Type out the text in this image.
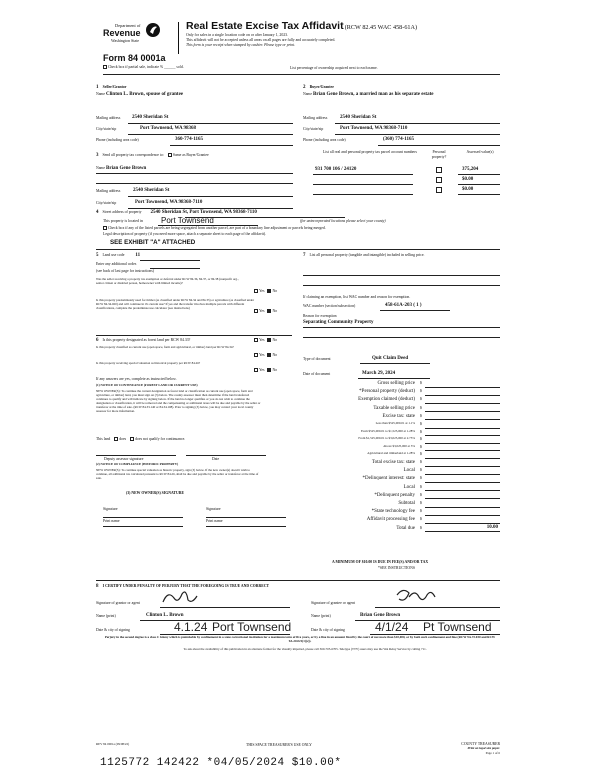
Department of
Revenue
Washington State
Real Estate Excise Tax Affidavit (RCW 82.45 WAC 458-61A)
Only for sales in a single location code on or after January 1, 2023.
This affidavit will not be accepted unless all areas on all pages are fully and accurately completed.
This form is your receipt when stamped by cashier. Please type or print.
Form 84 0001a
Check box if partial sale, indicate % ______ sold.	List percentage of ownership acquired next to each name.
1 Seller/Grantor
Name Clinton L. Brown, spouse of grantee
Mailing address 2540 Sheridan St
City/state/zip	Port Townsend, WA 98368
Phone (including area code)	360-774-1165
2 Buyer/Grantee
Name Brian Gene Brown, a married man as his separate estate
Mailing address	2540 Sheridan St
City/state/zip	Port Townsend, WA 98368-7110
Phone (including area code)	(360) 774-1165
3 Send all property tax correspondence to: Same as Buyer/Grantee
Name Brian Gene Brown
Mailing address	2540 Sheridan St
City/state/zip	Port Townsend, WA 98368-7110
List all real and personal property tax parcel account numbers	Personal property?
Assessed value(s)
931 700 106 / 24120	375,204
$0.00
$0.00
4 Street address of property 2540 Sheridan St, Port Townsend, WA 98368-7110
This property is located in Port Townsend	(for unincorporated locations please select your county)
Check box if any of the listed parcels are being segregated from another parcel, are part of a boundary line adjustment or parcels being merged.
Legal description of property (if you need more space, attach a separate sheet to each page of the affidavit).
SEE EXHIBIT "A" ATTACHED
5 Land use code 11
Enter any additional codes
(see back of last page for instructions)
Was the seller receiving a property tax exemption or deferral under RCW 84.36, 84.37, or 84.38 (nonprofit org., senior citizen or disabled person, homeowner with limited income)?
Yes No
Is this property predominately used for timber (as classified under RCW 84.34 and 84.33) or agriculture (as classified under RCW 84.34.020) and will continue in it's current use? If yes and the transfer involves multiple parcels with different classifications, complete the predominate use calculator (see instructions)
Yes No
6 Is this property designated as forest land per RCW 84.33?	Yes No
Is this property classified as current use (open space, farm and agricultural, or timber) land per RCW 84.34?
Yes No
Is this property receiving special valuation as historical property per RCW 84.26?
Yes No
If any answers are yes, complete as instructed below.
(1) NOTICE OF CONTINUANCE (FOREST LAND OR CURRENT USE)
NEW OWNER(S): To continue the current designation as forest land or classification as current use (open space, farm and agriculture, or timber) land, you must sign on (3) below. The county assessor must then determine if the land transferred continues to qualify and will indicate by signing below. If the land no longer qualifies or you do not wish to continue the designation or classification, it will be removed and the compensating or additional taxes will be due and payable by the seller or transferor at the time of sale. (RCW 84.33.140 or 84.34.108). Prior to signing (3) below, you may contact your local county assessor for more information.
This land does does not qualify for continuance.
Deputy assessor signature	Date
(2) NOTICE OF COMPLIANCE (HISTORIC PROPERTY)
NEW OWNER(S): To continue special valuation as historic property, sign (3) below. If the new owner(s) doesn't wish to continue, all additional tax calculated pursuant to RCW 84.26, shall be due and payable by the seller or transferor at the time of sale.
(3) NEW OWNER(S) SIGNATURE
Signature	Signature
Print name	Print name
7 List all personal property (tangible and intangible) included in selling price.
If claiming an exemption, list WAC number and reason for exemption.
WAC number (section/subsection)	458-61A-203 ( 1 )
Reason for exemption
Separating Community Property
Type of document	Quit Claim Deed
Date of document	March 29, 2024
Gross selling price $
*Personal property (deduct) $
Exemption claimed (deduct) $
Taxable selling price $
Excise tax: state $
Less than $525,000.01 at 1.1% $
From $525,000.01 to $1,525,000 at 1.28% $
From $1,525,000.01 to $3,025,000 at 2.75% $
Above $3,025,000 at 3% $
Agricultural and timberland at 1.28% $
Total excise tax: state $
Local $
*Delinquent interest: state $
Local $
*Delinquent penalty $
Subtotal $
*State technology fee $
Affidavit processing fee $
Total due $	10.00
A MINIMUM OF $10.00 IS DUE IN FEE(S) AND/OR TAX
*SEE INSTRUCTIONS
8 I CERTIFY UNDER PENALTY OF PERJURY THAT THE FOREGOING IS TRUE AND CORRECT
Signature of grantor or agent	Signature of grantee or agent
Name (print)	Clinton L. Brown	Name (print)	Brian Gene Brown
Date & city of signing	4.1.24 Port Townsend	Date & city of signing	4/1/24 Pt Townsend
Perjury in the second degree is a class C felony which is punishable by confinement in a state correctional institution for a maximum term of five years, or by a fine in an amount fixed by the court of not more than $10,000, or by both such confinement and fine (RCW 9A.72.030 and RCW 9A.20.021(1)(c)).
To ask about the availability of this publication in an alternate format for the visually impaired, please call 360-705-6705. Teletype (TTY) users may use the WA Relay Service by calling 711.
REV 84 0001a (09/08/22)	THIS SPACE TREASURER'S USE ONLY	COUNTY TREASURER
Print on legal size paper.
Page 1 of 6
1125772 142422 *04/05/2024 $10.00*
